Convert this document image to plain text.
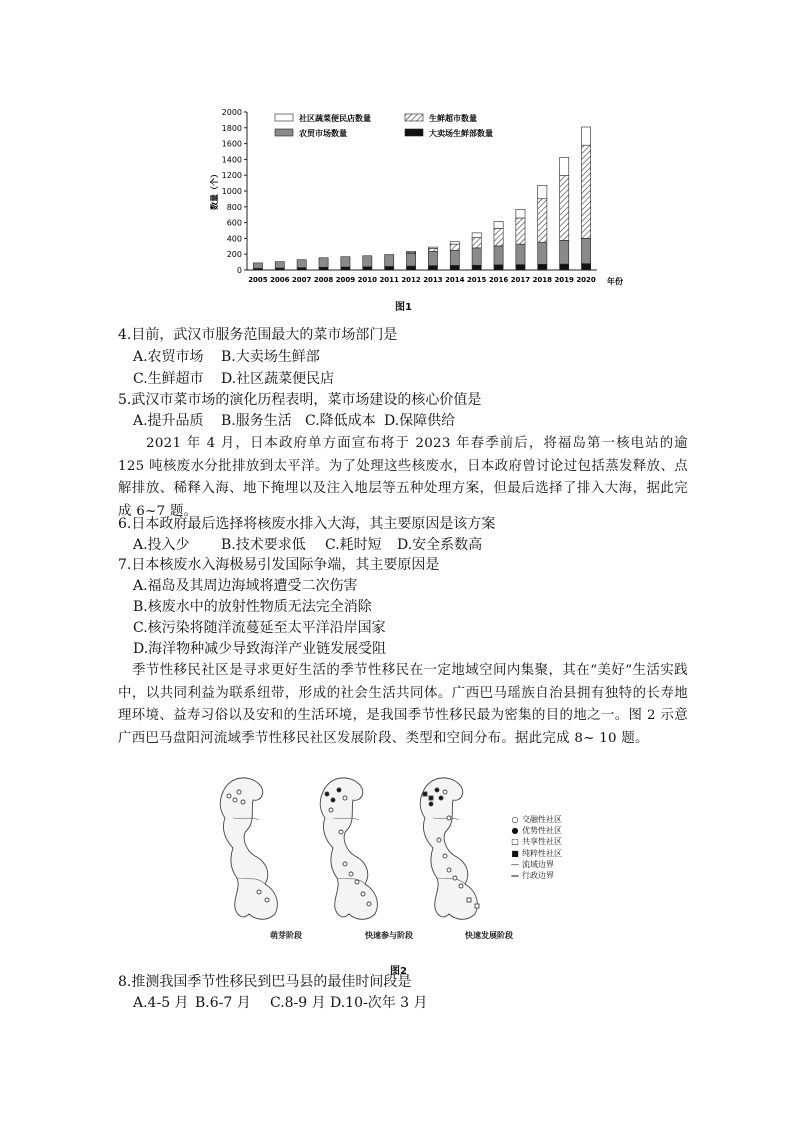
0
200
400
600
800
1000
1200
1400
1600
1800
2000
数量（个）
年份
2005 2006 2007 2008 2009 2010 2011 2012 2013 2014 2015 2016 2017 2018 2019 2020
社区蔬菜便民店数量	生鲜超市数量
农贸市场数量	大卖场生鲜部数量
图1
4.目前，武汉市服务范围最大的菜市场部门是
A.农贸市场 B.大卖场生鲜部
C.生鲜超市 D.社区蔬菜便民店
5.武汉市菜市场的演化历程表明，菜市场建设的核心价值是
A.提升品质 B.服务生活 C.降低成本 D.保障供给
2021 年 4 月，日本政府单方面宣布将于 2023 年春季前后，将福岛第一核电站的逾 125 吨核废水分批排放到太平洋。为了处理这些核废水，日本政府曾讨论过包括蒸发释放、点解排放、稀释入海、地下掩埋以及注入地层等五种处理方案，但最后选择了排入大海，据此完成 6~7 题。
6.日本政府最后选择将核废水排入大海，其主要原因是该方案
A.投入少 B.技术要求低 C.耗时短 D.安全系数高
7.日本核废水入海极易引发国际争端，其主要原因是
A.福岛及其周边海域将遭受二次伤害
B.核废水中的放射性物质无法完全消除
C.核污染将随洋流蔓延至太平洋沿岸国家
D.海洋物种减少导致海洋产业链发展受阻
季节性移民社区是寻求更好生活的季节性移民在一定地域空间内集聚，其在“美好”生活实践中，以共同利益为联系纽带，形成的社会生活共同体。广西巴马瑶族自治县拥有独特的长寿地理环境、益寿习俗以及安和的生活环境，是我国季节性移民最为密集的目的地之一。图 2 示意广西巴马盘阳河流域季节性移民社区发展阶段、类型和空间分布。据此完成 8~ 10 题。
萌芽阶段	快速参与阶段	快速发展阶段
○ 交融性社区
● 优势性社区
□ 共享性社区
■ 纯粹性社区
— 流域边界
— 行政边界
图2
8.推测我国季节性移民到巴马县的最佳时间段是
A.4-5 月 B.6-7 月 C.8-9 月 D.10-次年 3 月
